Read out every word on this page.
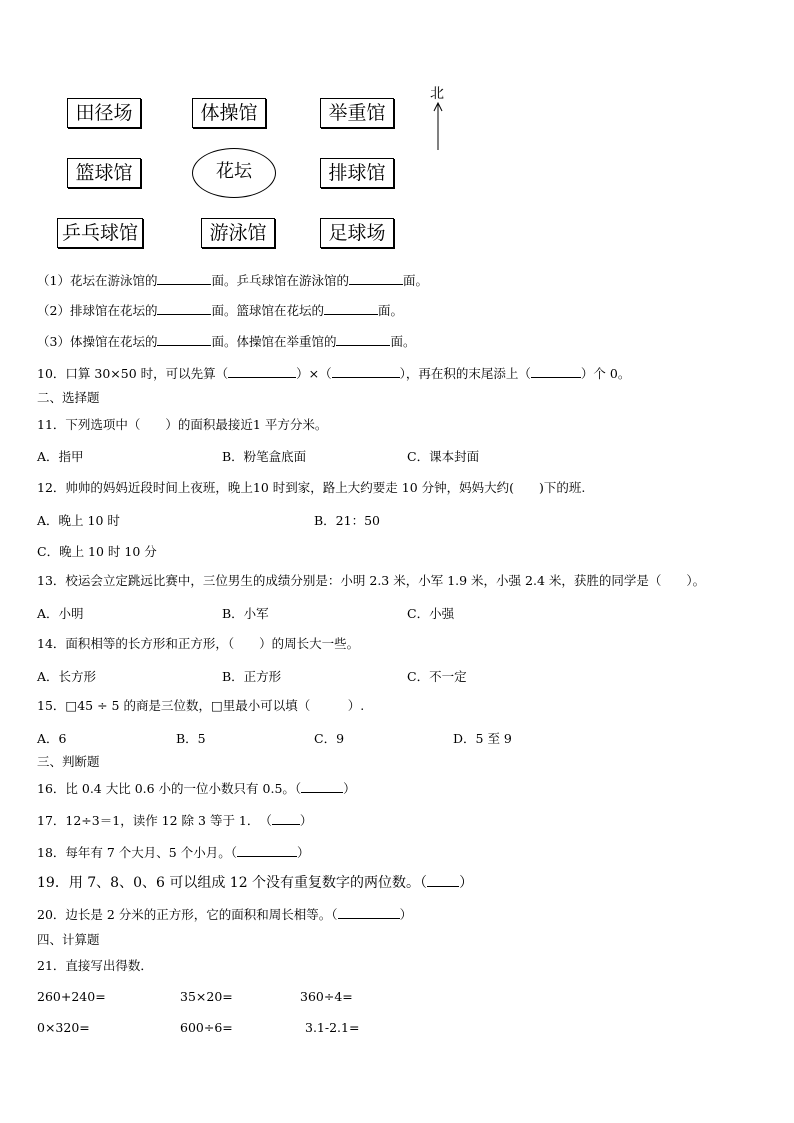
田径场	体操馆	举重馆
篮球馆	花坛	排球馆
乒乓球馆	游泳馆	足球场
北
（1）花坛在游泳馆的	面。乒乓球馆在游泳馆的	面。
（2）排球馆在花坛的	面。篮球馆在花坛的	面。
（3）体操馆在花坛的	面。体操馆在举重馆的	面。
10．口算 30×50 时，可以先算（	）×（	），再在积的末尾添上（	）个 0。
二、选择题
11．下列选项中（　　）的面积最接近1 平方分米。
A．指甲	B．粉笔盒底面	C．课本封面
12．帅帅的妈妈近段时间上夜班，晚上10 时到家，路上大约要走 10 分钟，妈妈大约(　　)下的班.
A．晚上 10 时	B．21：50
C．晚上 10 时 10 分
13．校运会立定跳远比赛中，三位男生的成绩分别是：小明 2.3 米，小军 1.9 米，小强 2.4 米，获胜的同学是（　　）。
A．小明	B．小军	C．小强
14．面积相等的长方形和正方形，（　　）的周长大一些。
A．长方形	B．正方形	C．不一定
15．□45 ÷ 5 的商是三位数，□里最小可以填（　　　）.
A．6	B．5	C．9	D．5 至 9
三、判断题
16．比 0.4 大比 0.6 小的一位小数只有 0.5。（	）
17．12÷3＝1，读作 12 除 3 等于 1．　（ ）
18．每年有 7 个大月、5 个小月。（	）
19．用 7、8、0、6 可以组成 12 个没有重复数字的两位数。（ ）
20．边长是 2 分米的正方形，它的面积和周长相等。（	）
四、计算题
21．直接写出得数．
260+240=	35×20=	360÷4=
0×320=	600÷6=	3.1-2.1=
